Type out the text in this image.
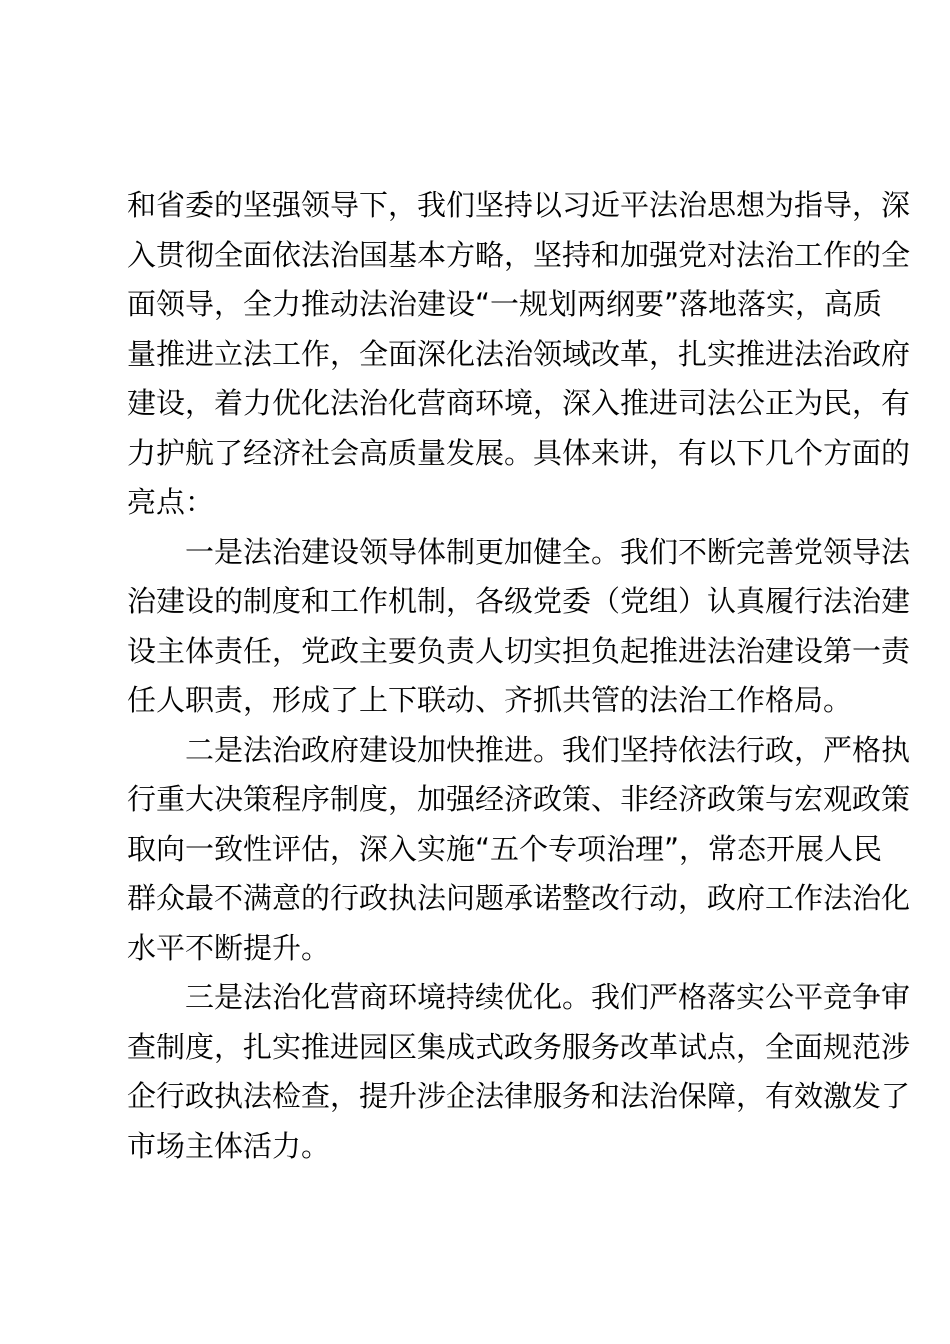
和省委的坚强领导下，我们坚持以习近平法治思想为指导，深
入贯彻全面依法治国基本方略，坚持和加强党对法治工作的全
面领导，全力推动法治建设“一规划两纲要”落地落实，高质
量推进立法工作，全面深化法治领域改革，扎实推进法治政府
建设，着力优化法治化营商环境，深入推进司法公正为民，有
力护航了经济社会高质量发展。具体来讲，有以下几个方面的
亮点：
一是法治建设领导体制更加健全。我们不断完善党领导法
治建设的制度和工作机制，各级党委（党组）认真履行法治建
设主体责任，党政主要负责人切实担负起推进法治建设第一责
任人职责，形成了上下联动、齐抓共管的法治工作格局。
二是法治政府建设加快推进。我们坚持依法行政，严格执
行重大决策程序制度，加强经济政策、非经济政策与宏观政策
取向一致性评估，深入实施“五个专项治理”，常态开展人民
群众最不满意的行政执法问题承诺整改行动，政府工作法治化
水平不断提升。
三是法治化营商环境持续优化。我们严格落实公平竞争审
查制度，扎实推进园区集成式政务服务改革试点，全面规范涉
企行政执法检查，提升涉企法律服务和法治保障，有效激发了
市场主体活力。
